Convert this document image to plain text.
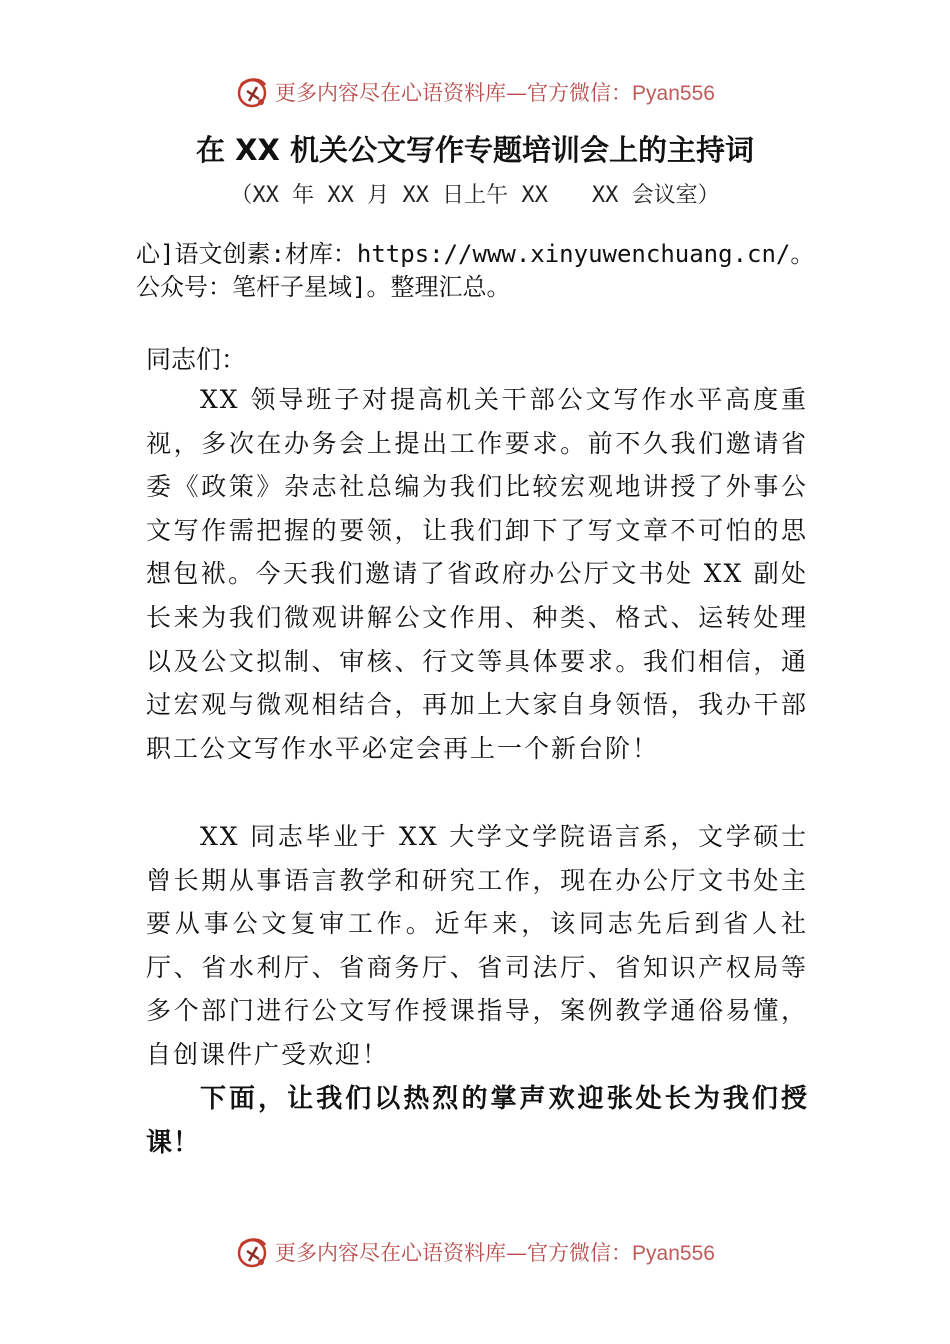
更多内容尽在心语资料库—官方微信：Pyan556
在 XX 机关公文写作专题培训会上的主持词
（XX 年 XX 月 XX 日上午 XX　　XX 会议室）
心]语文创素:材库：https://www.xinyuwenchuang.cn/。公众号：笔杆子星域]。整理汇总。
同志们：
XX 领导班子对提高机关干部公文写作水平高度重视，多次在办务会上提出工作要求。前不久我们邀请省委《政策》杂志社总编为我们比较宏观地讲授了外事公文写作需把握的要领，让我们卸下了写文章不可怕的思想包袱。今天我们邀请了省政府办公厅文书处 XX 副处长来为我们微观讲解公文作用、种类、格式、运转处理以及公文拟制、审核、行文等具体要求。我们相信，通过宏观与微观相结合，再加上大家自身领悟，我办干部职工公文写作水平必定会再上一个新台阶！
XX 同志毕业于 XX 大学文学院语言系，文学硕士 曾长期从事语言教学和研究工作，现在办公厅文书处主要从事公文复审工作。近年来，该同志先后到省人社厅、省水利厅、省商务厅、省司法厅、省知识产权局等多个部门进行公文写作授课指导，案例教学通俗易懂，自创课件广受欢迎！
下面，让我们以热烈的掌声欢迎张处长为我们授课！
更多内容尽在心语资料库—官方微信：Pyan556
